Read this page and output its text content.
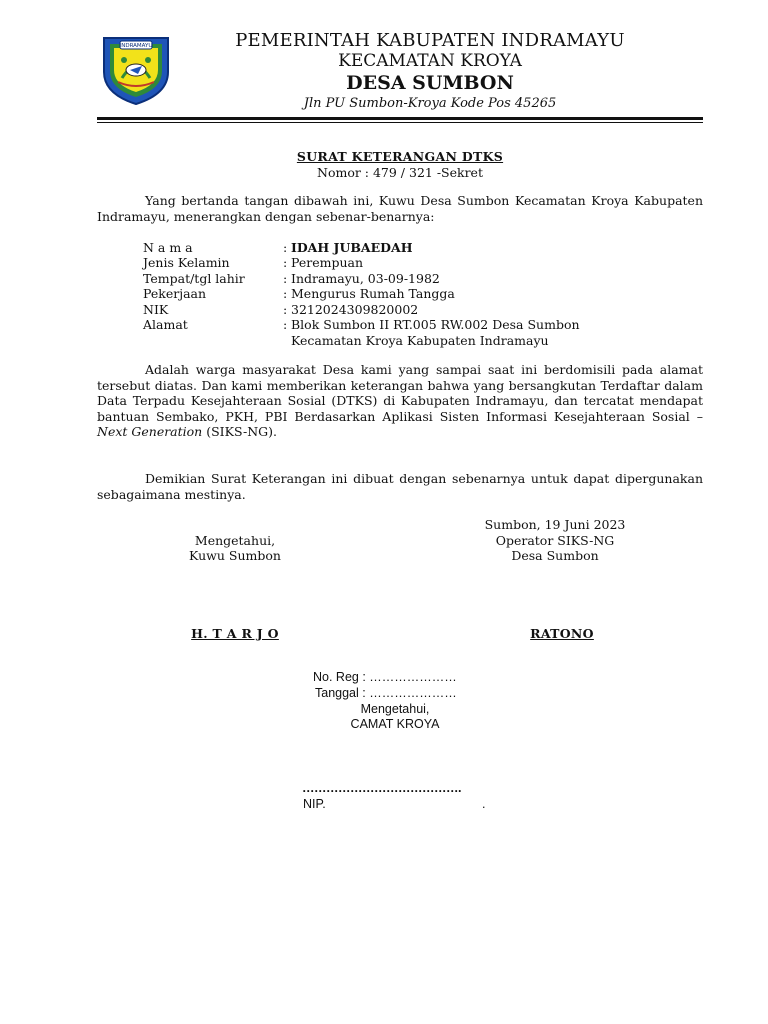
INDRAMAYU	PEMERINTAH KABUPATEN INDRAMAYU
KECAMATAN KROYA
DESA SUMBON
Jln PU Sumbon-Kroya Kode Pos 45265
SURAT KETERANGAN DTKS
Nomor : 479 / 321 -Sekret
Yang bertanda tangan dibawah ini, Kuwu Desa Sumbon Kecamatan Kroya Kabupaten Indramayu, menerangkan dengan sebenar-benarnya:
N a m a	: IDAH JUBAEDAH
Jenis Kelamin	: Perempuan
Tempat/tgl lahir	: Indramayu, 03-09-1982
Pekerjaan	: Mengurus Rumah Tangga
NIK	: 3212024309820002
Alamat	: Blok Sumbon II RT.005 RW.002 Desa Sumbon
Kecamatan Kroya Kabupaten Indramayu
Adalah warga masyarakat Desa kami yang sampai saat ini berdomisili pada alamat tersebut diatas. Dan kami memberikan keterangan bahwa yang bersangkutan Terdaftar dalam Data Terpadu Kesejahteraan Sosial (DTKS) di Kabupaten Indramayu, dan tercatat mendapat bantuan Sembako, PKH, PBI Berdasarkan Aplikasi Sisten Informasi Kesejahteraan Sosial – Next Generation (SIKS-NG).
Demikian Surat Keterangan ini dibuat dengan sebenarnya untuk dapat dipergunakan sebagaimana mestinya.
Sumbon, 19 Juni 2023
Mengetahui,	Operator SIKS-NG
Kuwu Sumbon	Desa Sumbon
H. T A R J O	RATONO
No. Reg : …………………
Tanggal : …………………
Mengetahui,
CAMAT KROYA
………………………………….
NIP.	.
